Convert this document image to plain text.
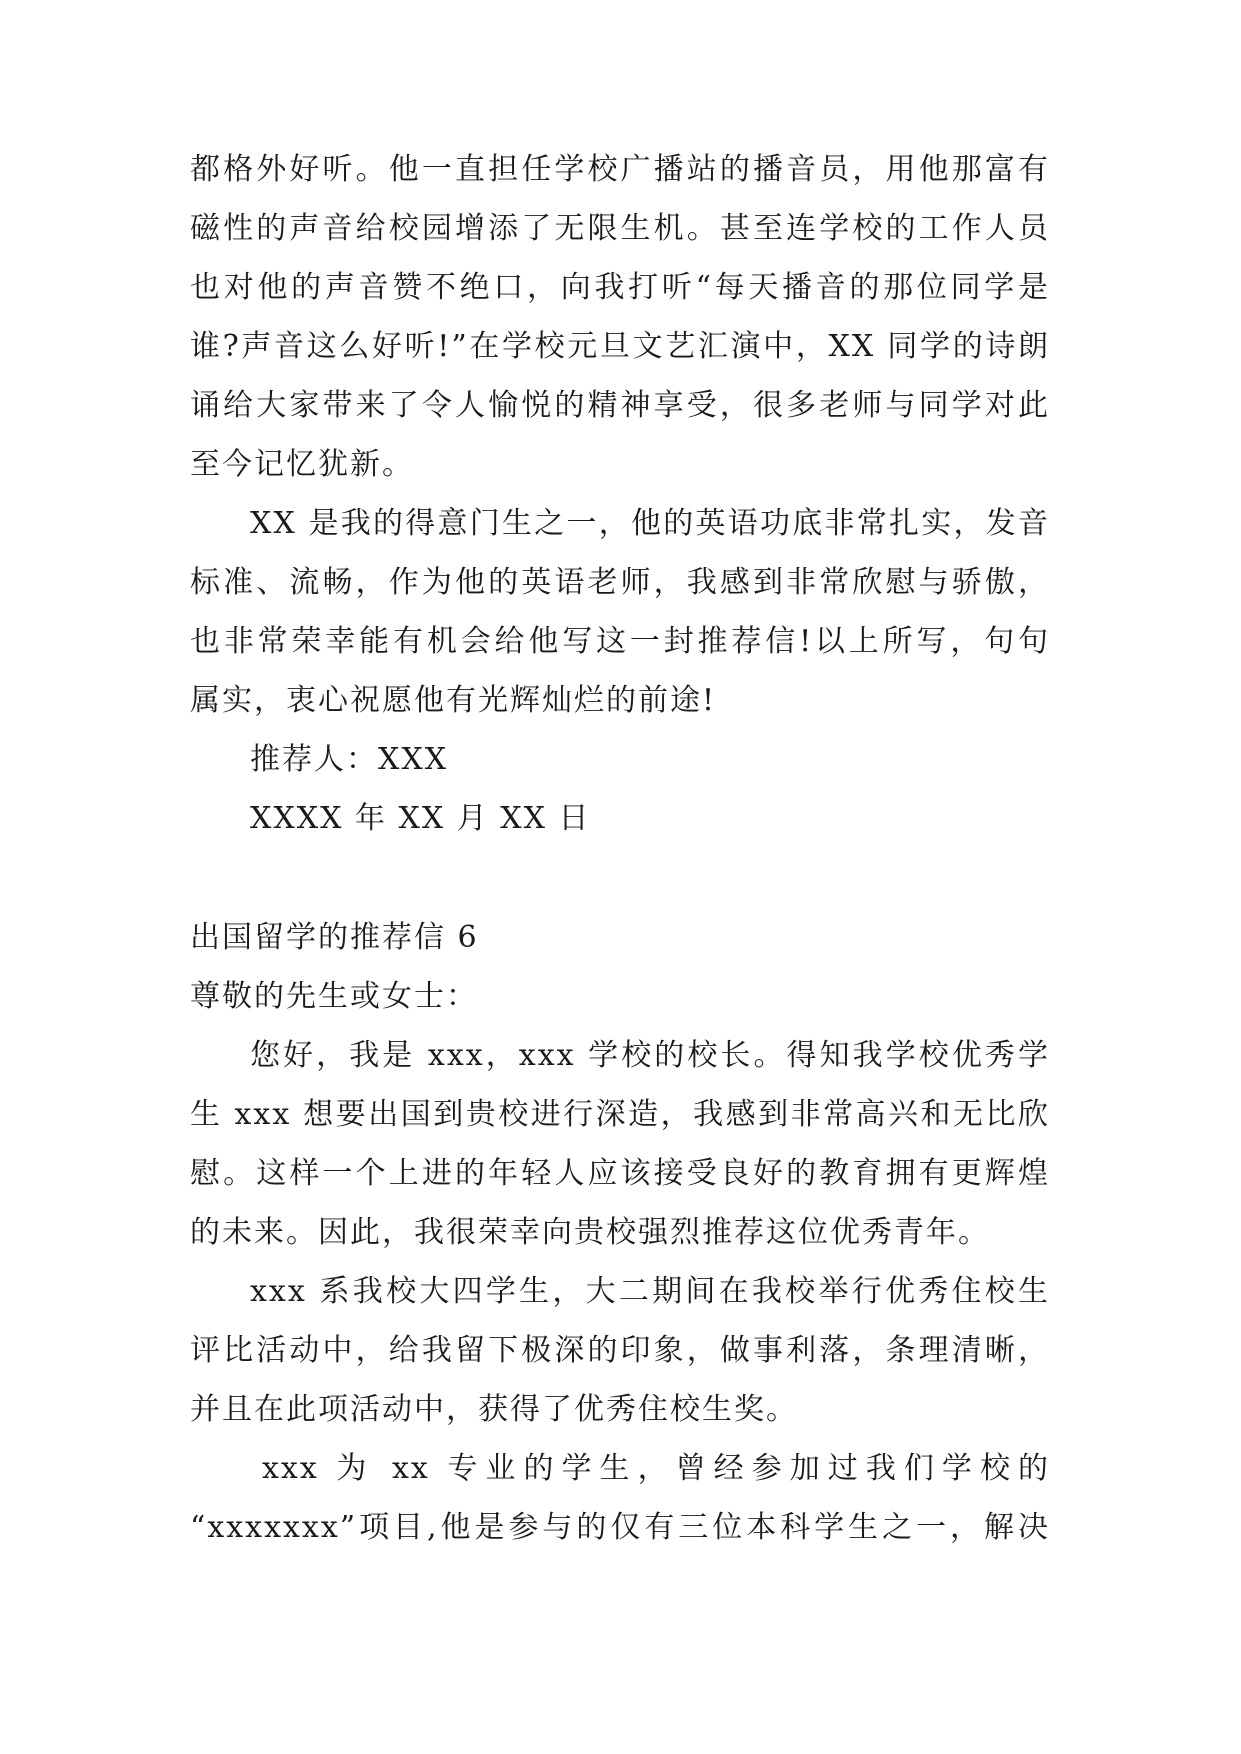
都格外好听。他一直担任学校广播站的播音员，用他那富有
磁性的声音给校园增添了无限生机。甚至连学校的工作人员
也对他的声音赞不绝口，向我打听“每天播音的那位同学是
谁?声音这么好听!”在学校元旦文艺汇演中，XX 同学的诗朗
诵给大家带来了令人愉悦的精神享受，很多老师与同学对此
至今记忆犹新。
XX 是我的得意门生之一，他的英语功底非常扎实，发音
标准、流畅，作为他的英语老师，我感到非常欣慰与骄傲，
也非常荣幸能有机会给他写这一封推荐信!以上所写，句句
属实，衷心祝愿他有光辉灿烂的前途!
推荐人：XXX
XXXX 年 XX 月 XX 日
出国留学的推荐信 6
尊敬的先生或女士：
您好，我是 xxx，xxx 学校的校长。得知我学校优秀学
生 xxx 想要出国到贵校进行深造，我感到非常高兴和无比欣
慰。这样一个上进的年轻人应该接受良好的教育拥有更辉煌
的未来。因此，我很荣幸向贵校强烈推荐这位优秀青年。
xxx 系我校大四学生，大二期间在我校举行优秀住校生
评比活动中，给我留下极深的印象，做事利落，条理清晰，
并且在此项活动中，获得了优秀住校生奖。
xxx 为 xx 专业的学生，曾经参加过我们学校的
“xxxxxxx”项目,他是参与的仅有三位本科学生之一，解决
